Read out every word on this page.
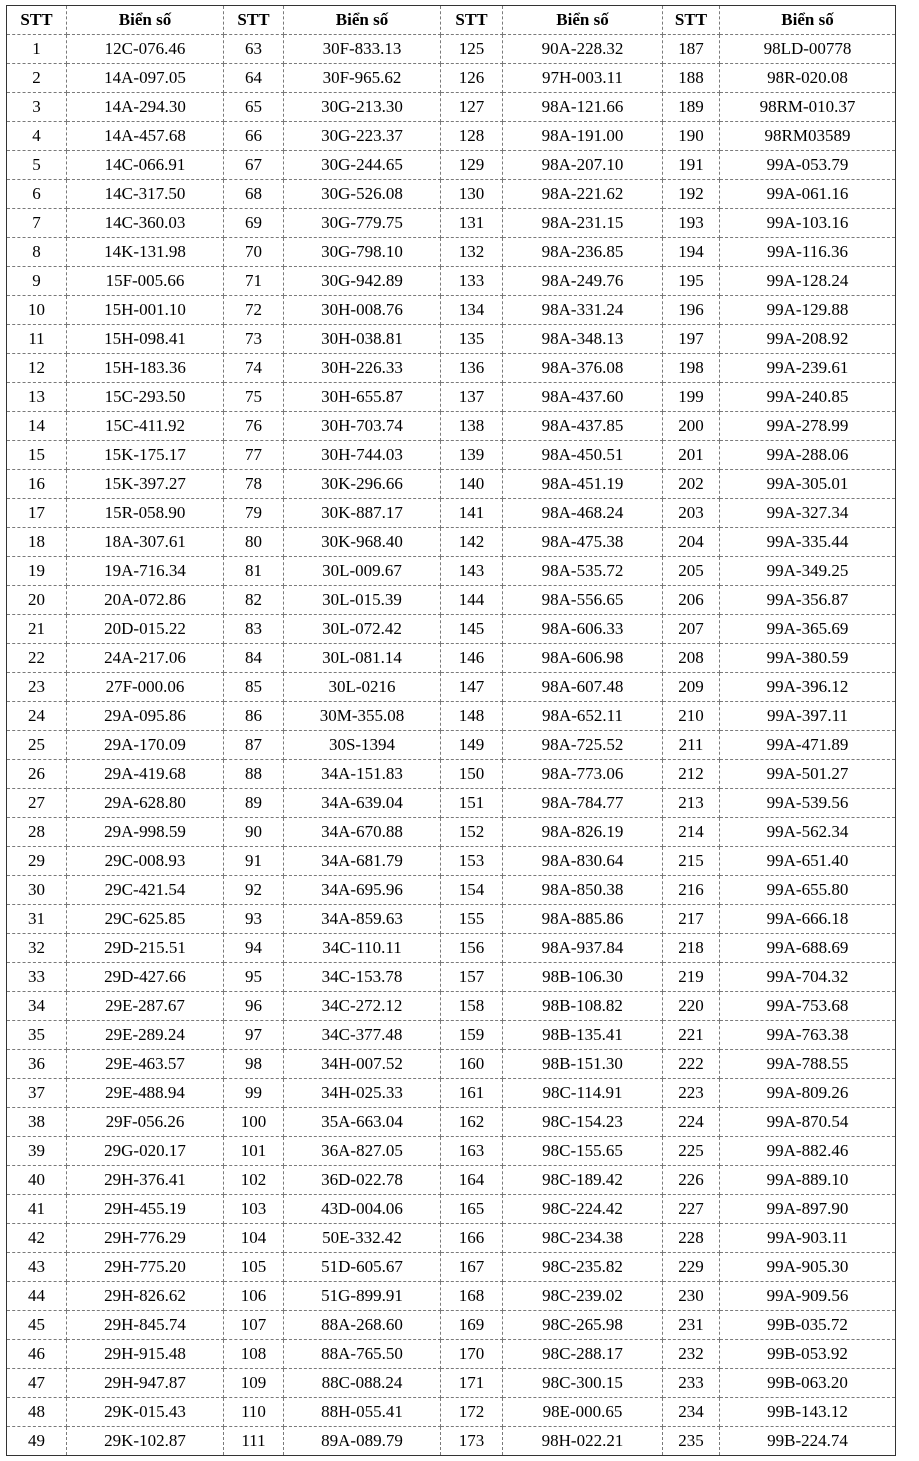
STT	Biển số	STT	Biển số	STT	Biển số	STT	Biển số
1	12C-076.46	63	30F-833.13	125	90A-228.32	187	98LD-00778
2	14A-097.05	64	30F-965.62	126	97H-003.11	188	98R-020.08
3	14A-294.30	65	30G-213.30	127	98A-121.66	189	98RM-010.37
4	14A-457.68	66	30G-223.37	128	98A-191.00	190	98RM03589
5	14C-066.91	67	30G-244.65	129	98A-207.10	191	99A-053.79
6	14C-317.50	68	30G-526.08	130	98A-221.62	192	99A-061.16
7	14C-360.03	69	30G-779.75	131	98A-231.15	193	99A-103.16
8	14K-131.98	70	30G-798.10	132	98A-236.85	194	99A-116.36
9	15F-005.66	71	30G-942.89	133	98A-249.76	195	99A-128.24
10	15H-001.10	72	30H-008.76	134	98A-331.24	196	99A-129.88
11	15H-098.41	73	30H-038.81	135	98A-348.13	197	99A-208.92
12	15H-183.36	74	30H-226.33	136	98A-376.08	198	99A-239.61
13	15C-293.50	75	30H-655.87	137	98A-437.60	199	99A-240.85
14	15C-411.92	76	30H-703.74	138	98A-437.85	200	99A-278.99
15	15K-175.17	77	30H-744.03	139	98A-450.51	201	99A-288.06
16	15K-397.27	78	30K-296.66	140	98A-451.19	202	99A-305.01
17	15R-058.90	79	30K-887.17	141	98A-468.24	203	99A-327.34
18	18A-307.61	80	30K-968.40	142	98A-475.38	204	99A-335.44
19	19A-716.34	81	30L-009.67	143	98A-535.72	205	99A-349.25
20	20A-072.86	82	30L-015.39	144	98A-556.65	206	99A-356.87
21	20D-015.22	83	30L-072.42	145	98A-606.33	207	99A-365.69
22	24A-217.06	84	30L-081.14	146	98A-606.98	208	99A-380.59
23	27F-000.06	85	30L-0216	147	98A-607.48	209	99A-396.12
24	29A-095.86	86	30M-355.08	148	98A-652.11	210	99A-397.11
25	29A-170.09	87	30S-1394	149	98A-725.52	211	99A-471.89
26	29A-419.68	88	34A-151.83	150	98A-773.06	212	99A-501.27
27	29A-628.80	89	34A-639.04	151	98A-784.77	213	99A-539.56
28	29A-998.59	90	34A-670.88	152	98A-826.19	214	99A-562.34
29	29C-008.93	91	34A-681.79	153	98A-830.64	215	99A-651.40
30	29C-421.54	92	34A-695.96	154	98A-850.38	216	99A-655.80
31	29C-625.85	93	34A-859.63	155	98A-885.86	217	99A-666.18
32	29D-215.51	94	34C-110.11	156	98A-937.84	218	99A-688.69
33	29D-427.66	95	34C-153.78	157	98B-106.30	219	99A-704.32
34	29E-287.67	96	34C-272.12	158	98B-108.82	220	99A-753.68
35	29E-289.24	97	34C-377.48	159	98B-135.41	221	99A-763.38
36	29E-463.57	98	34H-007.52	160	98B-151.30	222	99A-788.55
37	29E-488.94	99	34H-025.33	161	98C-114.91	223	99A-809.26
38	29F-056.26	100	35A-663.04	162	98C-154.23	224	99A-870.54
39	29G-020.17	101	36A-827.05	163	98C-155.65	225	99A-882.46
40	29H-376.41	102	36D-022.78	164	98C-189.42	226	99A-889.10
41	29H-455.19	103	43D-004.06	165	98C-224.42	227	99A-897.90
42	29H-776.29	104	50E-332.42	166	98C-234.38	228	99A-903.11
43	29H-775.20	105	51D-605.67	167	98C-235.82	229	99A-905.30
44	29H-826.62	106	51G-899.91	168	98C-239.02	230	99A-909.56
45	29H-845.74	107	88A-268.60	169	98C-265.98	231	99B-035.72
46	29H-915.48	108	88A-765.50	170	98C-288.17	232	99B-053.92
47	29H-947.87	109	88C-088.24	171	98C-300.15	233	99B-063.20
48	29K-015.43	110	88H-055.41	172	98E-000.65	234	99B-143.12
49	29K-102.87	111	89A-089.79	173	98H-022.21	235	99B-224.74
